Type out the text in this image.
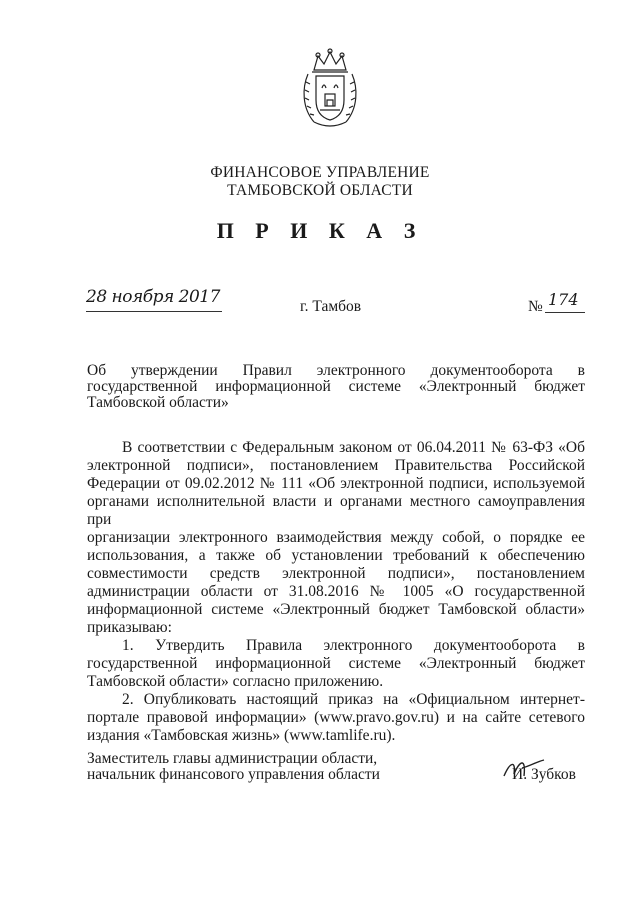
ФИНАНСОВОЕ УПРАВЛЕНИЕ
ТАМБОВСКОЙ ОБЛАСТИ
П Р И К А З
28 ноября 2017	г. Тамбов	№ 174
Об утверждении Правил электронного документооборота в
государственной информационной системе «Электронный бюджет
Тамбовской области»
В соответствии с Федеральным законом от 06.04.2011 № 63-ФЗ «Об
электронной подписи», постановлением Правительства Российской
Федерации от 09.02.2012 № 111 «Об электронной подписи, используемой
органами исполнительной власти и органами местного самоуправления при
организации электронного взаимодействия между собой, о порядке ее
использования, а также об установлении требований к обеспечению
совместимости средств электронной подписи», постановлением
администрации области от 31.08.2016 № 1005 «О государственной
информационной системе «Электронный бюджет Тамбовской области»
приказываю:
1. Утвердить Правила электронного документооборота в
государственной информационной системе «Электронный бюджет
Тамбовской области» согласно приложению.
2. Опубликовать настоящий приказ на «Официальном интернет-
портале правовой информации» (www.pravo.gov.ru) и на сайте сетевого
издания «Тамбовская жизнь» (www.tamlife.ru).
Заместитель главы администрации области,
начальник финансового управления области	И. Зубков
